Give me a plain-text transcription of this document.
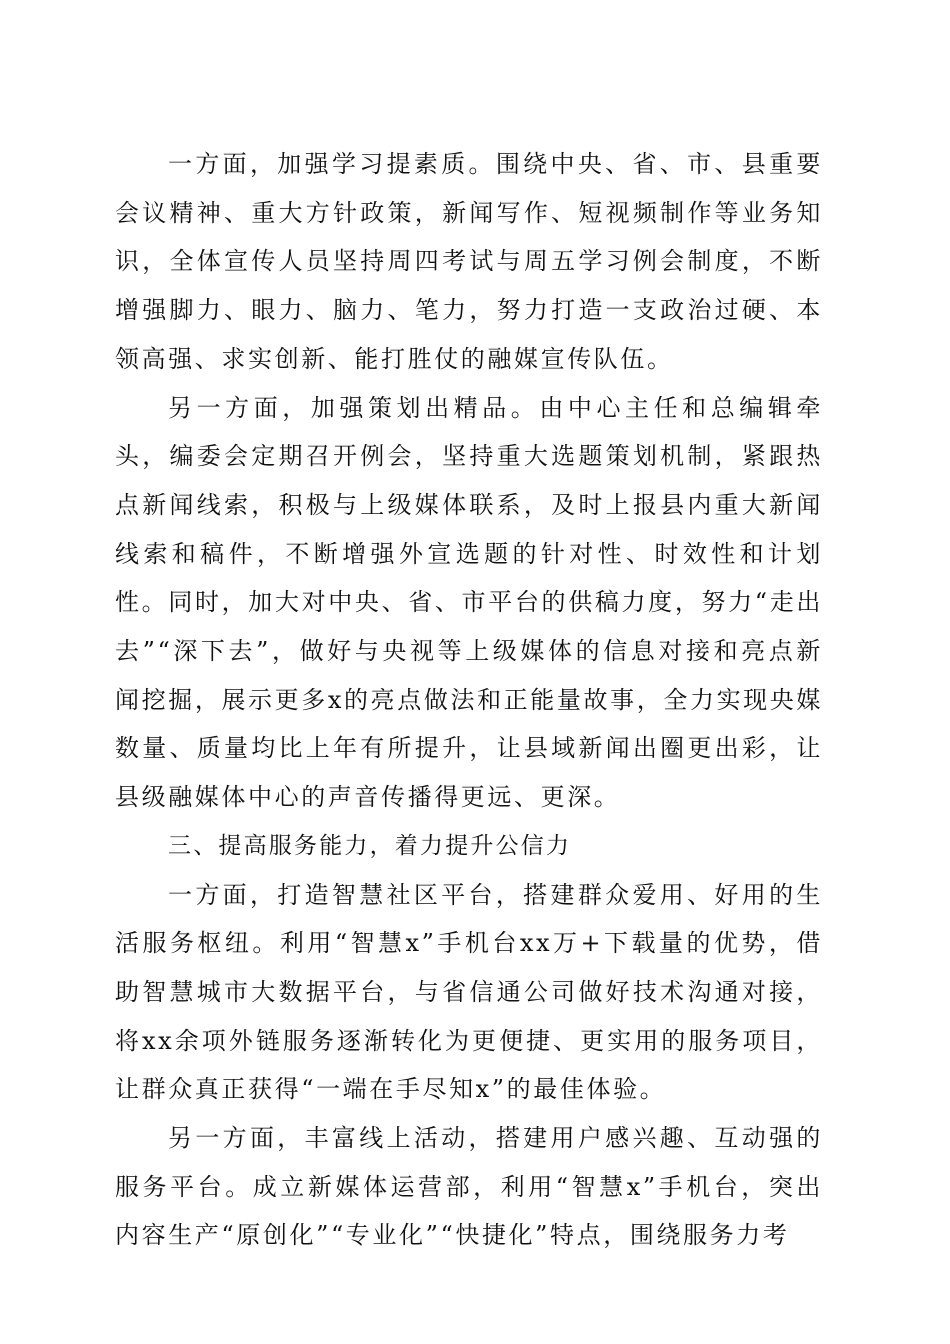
一方面，加强学习提素质。围绕中央、省、市、县重要会议精神、重大方针政策，新闻写作、短视频制作等业务知识，全体宣传人员坚持周四考试与周五学习例会制度，不断增强脚力、眼力、脑力、笔力，努力打造一支政治过硬、本领高强、求实创新、能打胜仗的融媒宣传队伍。

另一方面，加强策划出精品。由中心主任和总编辑牵头，编委会定期召开例会，坚持重大选题策划机制，紧跟热点新闻线索，积极与上级媒体联系，及时上报县内重大新闻线索和稿件，不断增强外宣选题的针对性、时效性和计划性。同时，加大对中央、省、市平台的供稿力度，努力“走出去”“深下去”，做好与央视等上级媒体的信息对接和亮点新闻挖掘，展示更多x的亮点做法和正能量故事，全力实现央媒数量、质量均比上年有所提升，让县域新闻出圈更出彩，让县级融媒体中心的声音传播得更远、更深。

三、提高服务能力，着力提升公信力

一方面，打造智慧社区平台，搭建群众爱用、好用的生活服务枢纽。利用“智慧x”手机台xx万+下载量的优势，借助智慧城市大数据平台，与省信通公司做好技术沟通对接，将xx余项外链服务逐渐转化为更便捷、更实用的服务项目，让群众真正获得“一端在手尽知x”的最佳体验。

另一方面，丰富线上活动，搭建用户感兴趣、互动强的服务平台。成立新媒体运营部，利用“智慧x”手机台，突出内容生产“原创化”“专业化”“快捷化”特点，围绕服务力考
